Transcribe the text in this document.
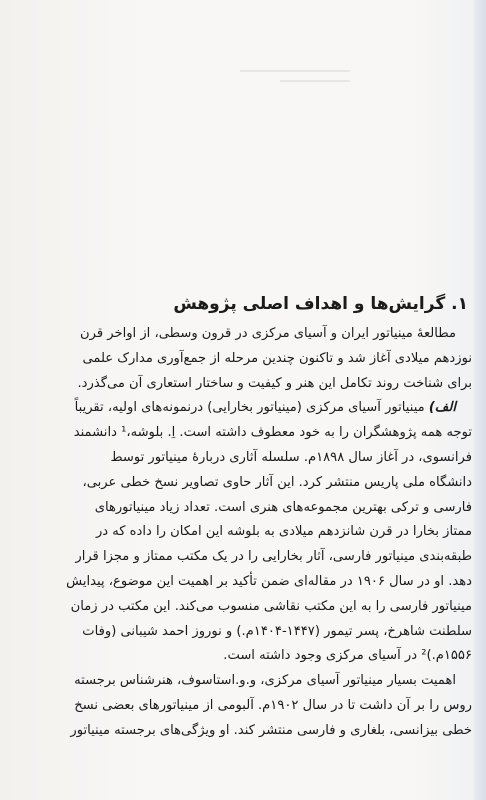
۱. گرایش‌ها و اهداف اصلی پژوهش
مطالعهٔ مینیاتور ایران و آسیای مرکزی در قرون وسطی، از اواخر قرن
نوزدهم میلادی آغاز شد و تاکنون چندین مرحله از جمع‌آوری مدارک علمی
برای شناخت روند تکامل این هنر و کیفیت و ساختار استعاری آن می‌گذرد.
الف) مینیاتور آسیای مرکزی (مینیاتور بخارایی) درنمونه‌های اولیه، تقریباً
توجه همه پژوهشگران را به خود معطوف داشته است. اِ. بلوشه،¹ دانشمند
فرانسوی، در آغاز سال ۱۸۹۸م. سلسله آثاری دربارهٔ مینیاتور توسط
دانشگاه ملی پاریس منتشر کرد. این آثار حاوی تصاویر نسخ خطی عربی،
فارسی و ترکی بهترین مجموعه‌های هنری است. تعداد زیاد مینیاتورهای
ممتاز بخارا در قرن شانزدهم میلادی به بلوشه این امکان را داده که در
طبقه‌بندی مینیاتور فارسی، آثار بخارایی را در یک مکتب ممتاز و مجزا قرار
دهد. او در سال ۱۹۰۶ در مقاله‌ای ضمن تأکید بر اهمیت این موضوع، پیدایش
مینیاتور فارسی را به این مکتب نقاشی منسوب می‌کند. این مکتب در زمان
سلطنت شاهرخ، پسر تیمور (۱۴۴۷-۱۴۰۴م.) و نوروز احمد شیبانی (وفات
۱۵۵۶م.)² در آسیای مرکزی وجود داشته است.
اهمیت بسیار مینیاتور آسیای مرکزی، و.و.استاسوف، هنرشناس برجسته
روس را بر آن داشت تا در سال ۱۹۰۲م. آلبومی از مینیاتورهای بعضی نسخ
خطی بیزانسی، بلغاری و فارسی منتشر کند. او ویژگی‌های برجسته مینیاتور
